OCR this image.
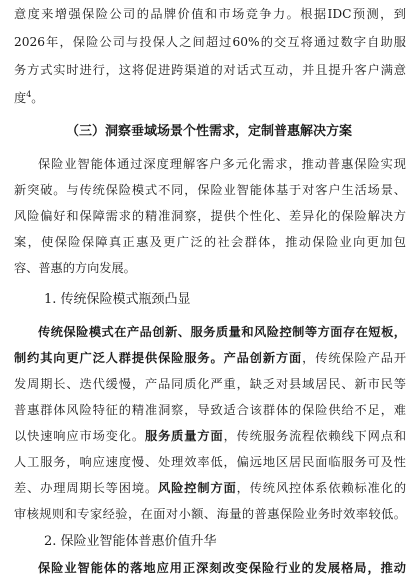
意度来增强保险公司的品牌价值和市场竞争力。根据IDC预测，到
2026年，保险公司与投保人之间超过60%的交互将通过数字自助服
务方式实时进行，这将促进跨渠道的对话式互动，并且提升客户满意
度$^4$。
（三）洞察垂域场景个性需求，定制普惠解决方案
保险业智能体通过深度理解客户多元化需求，推动普惠保险实现
新突破。与传统保险模式不同，保险业智能体基于对客户生活场景、
风险偏好和保障需求的精准洞察，提供个性化、差异化的保险解决方
案，使保险保障真正惠及更广泛的社会群体，推动保险业向更加包
容、普惠的方向发展。
1. 传统保险模式瓶颈凸显
传统保险模式在产品创新、服务质量和风险控制等方面存在短板，
制约其向更广泛人群提供保险服务。产品创新方面，传统保险产品开
发周期长、迭代缓慢，产品同质化严重，缺乏对县域居民、新市民等
普惠群体风险特征的精准洞察，导致适合该群体的保险供给不足，难
以快速响应市场变化。服务质量方面，传统服务流程依赖线下网点和
人工服务，响应速度慢、处理效率低，偏远地区居民面临服务可及性
差、办理周期长等困境。风险控制方面，传统风控体系依赖标准化的
审核规则和专家经验，在面对小额、海量的普惠保险业务时效率较低。
2. 保险业智能体普惠价值升华
保险业智能体的落地应用正深刻改变保险行业的发展格局，推动
